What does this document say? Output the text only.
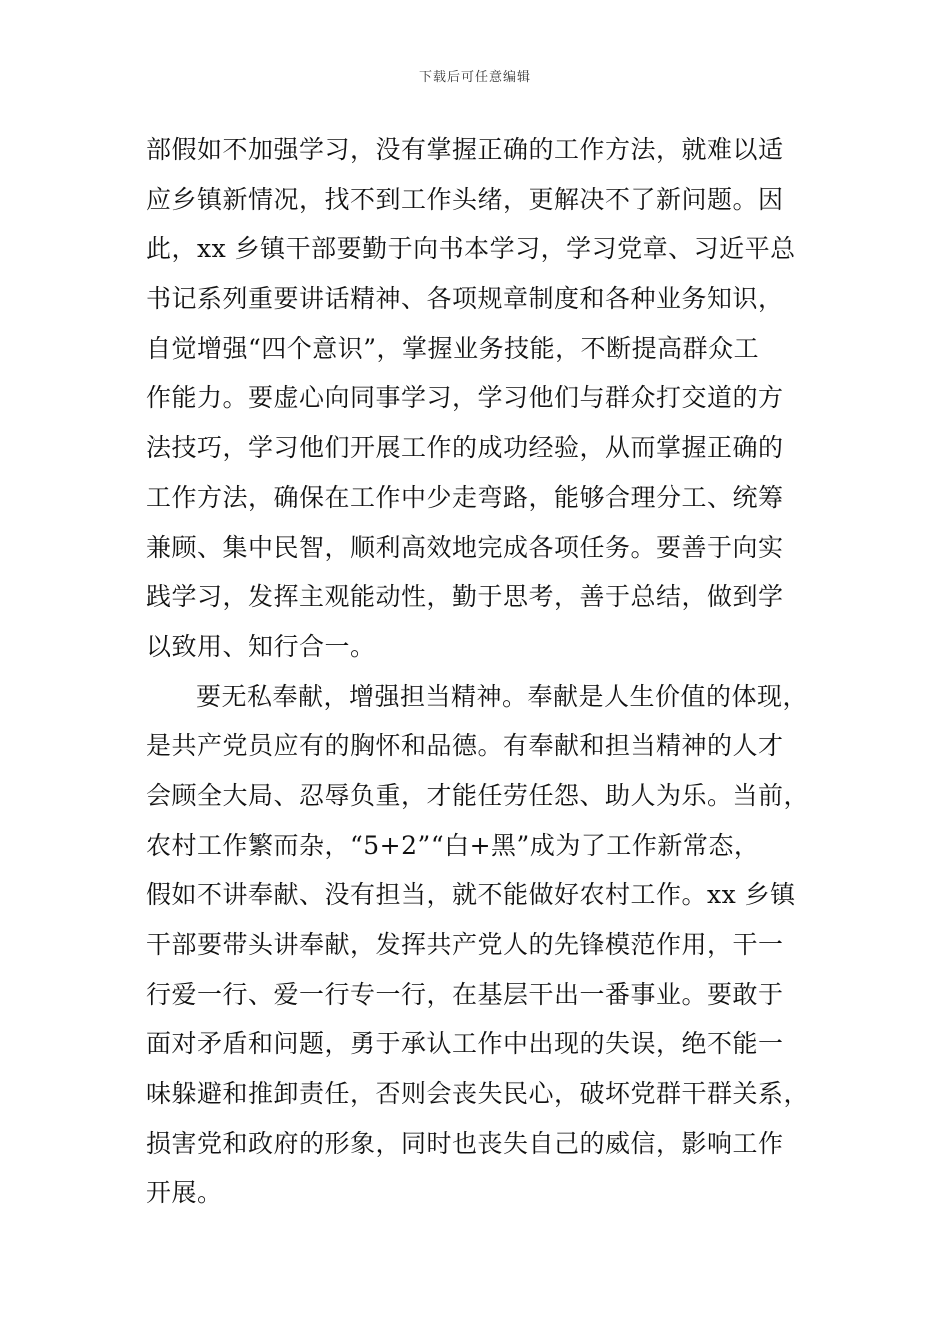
下载后可任意编辑
部假如不加强学习，没有掌握正确的工作方法，就难以适
应乡镇新情况，找不到工作头绪，更解决不了新问题。因
此，xx 乡镇干部要勤于向书本学习，学习党章、习近平总
书记系列重要讲话精神、各项规章制度和各种业务知识，
自觉增强“四个意识”，掌握业务技能，不断提高群众工
作能力。要虚心向同事学习，学习他们与群众打交道的方
法技巧，学习他们开展工作的成功经验，从而掌握正确的
工作方法，确保在工作中少走弯路，能够合理分工、统筹
兼顾、集中民智，顺利高效地完成各项任务。要善于向实
践学习，发挥主观能动性，勤于思考，善于总结，做到学
以致用、知行合一。
要无私奉献，增强担当精神。奉献是人生价值的体现，
是共产党员应有的胸怀和品德。有奉献和担当精神的人才
会顾全大局、忍辱负重，才能任劳任怨、助人为乐。当前，
农村工作繁而杂，“5+2”“白+黑”成为了工作新常态，
假如不讲奉献、没有担当，就不能做好农村工作。xx 乡镇
干部要带头讲奉献，发挥共产党人的先锋模范作用，干一
行爱一行、爱一行专一行，在基层干出一番事业。要敢于
面对矛盾和问题，勇于承认工作中出现的失误，绝不能一
味躲避和推卸责任，否则会丧失民心，破坏党群干群关系，
损害党和政府的形象，同时也丧失自己的威信，影响工作
开展。
